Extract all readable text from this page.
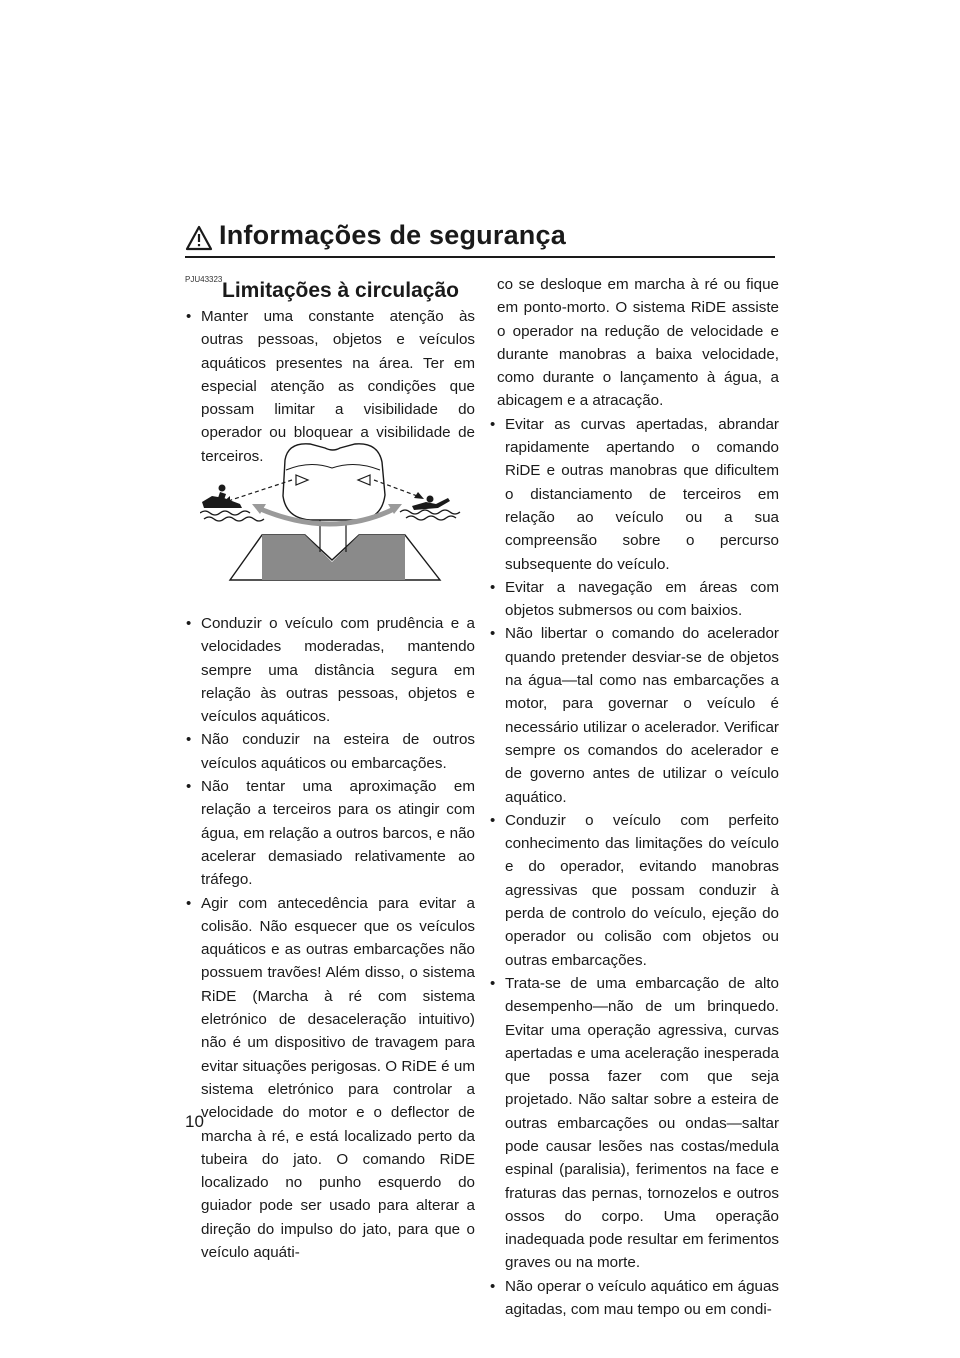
Informações de segurança
PJU43323 Limitações à circulação
• Manter uma constante atenção às outras pessoas, objetos e veículos aquáticos presentes na área. Ter em especial atenção as condições que possam limitar a visibilidade do operador ou bloquear a visibilidade de terceiros.
• Conduzir o veículo com prudência e a velocidades moderadas, mantendo sempre uma distância segura em relação às outras pessoas, objetos e veículos aquáticos.
• Não conduzir na esteira de outros veículos aquáticos ou embarcações.
• Não tentar uma aproximação em relação a terceiros para os atingir com água, em relação a outros barcos, e não acelerar demasiado relativamente ao tráfego.
• Agir com antecedência para evitar a colisão. Não esquecer que os veículos aquáticos e as outras embarcações não possuem travões! Além disso, o sistema RiDE (Marcha à ré com sistema eletrónico de desaceleração intuitivo) não é um dispositivo de travagem para evitar situações perigosas. O RiDE é um sistema eletrónico para controlar a velocidade do motor e o deflector de marcha à ré, e está localizado perto da tubeira do jato. O comando RiDE localizado no punho esquerdo do guiador pode ser usado para alterar a direção do impulso do jato, para que o veículo aquáti-

co se desloque em marcha à ré ou fique em ponto-morto. O sistema RiDE assiste o operador na redução de velocidade e durante manobras a baixa velocidade, como durante o lançamento à água, a abicagem e a atracação.

• Evitar as curvas apertadas, abrandar rapidamente apertando o comando RiDE e outras manobras que dificultem o distanciamento de terceiros em relação ao veículo ou a sua compreensão sobre o percurso subsequente do veículo.
• Evitar a navegação em áreas com objetos submersos ou com baixios.
• Não libertar o comando do acelerador quando pretender desviar-se de objetos na água—tal como nas embarcações a motor, para governar o veículo é necessário utilizar o acelerador. Verificar sempre os comandos do acelerador e de governo antes de utilizar o veículo aquático.
• Conduzir o veículo com perfeito conhecimento das limitações do veículo e do operador, evitando manobras agressivas que possam conduzir à perda de controlo do veículo, ejeção do operador ou colisão com objetos ou outras embarcações.
• Trata-se de uma embarcação de alto desempenho—não de um brinquedo. Evitar uma operação agressiva, curvas apertadas e uma aceleração inesperada que possa fazer com que seja projetado. Não saltar sobre a esteira de outras embarcações ou ondas—saltar pode causar lesões nas costas/medula espinal (paralisia), ferimentos na face e fraturas das pernas, tornozelos e outros ossos do corpo. Uma operação inadequada pode resultar em ferimentos graves ou na morte.
• Não operar o veículo aquático em águas agitadas, com mau tempo ou em condi-
10
